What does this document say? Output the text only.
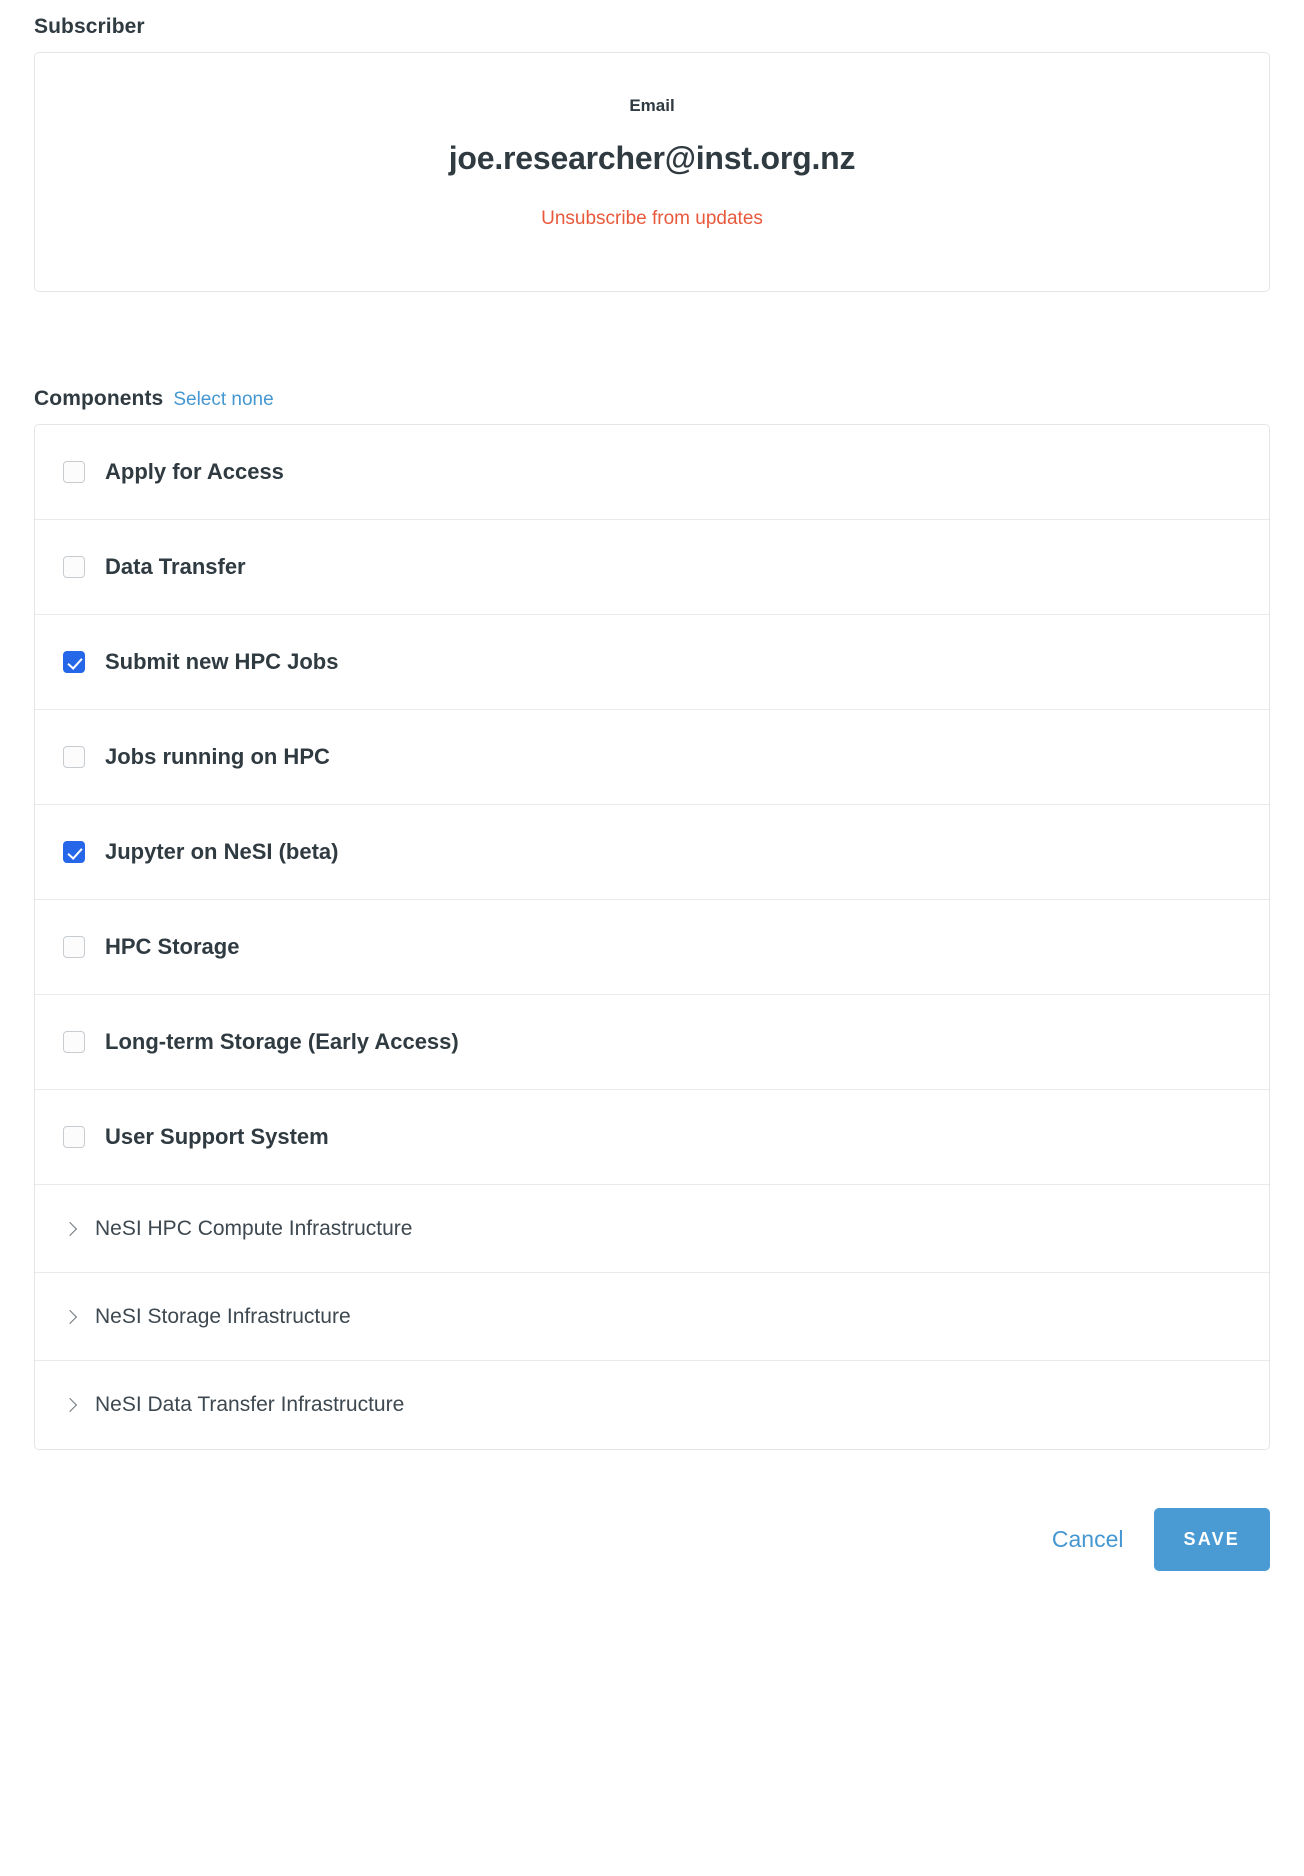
Subscriber
Email
joe.researcher@inst.org.nz
Unsubscribe from updates
Components Select none
Apply for Access
Data Transfer
Submit new HPC Jobs
Jobs running on HPC
Jupyter on NeSI (beta)
HPC Storage
Long-term Storage (Early Access)
User Support System
NeSI HPC Compute Infrastructure
NeSI Storage Infrastructure
NeSI Data Transfer Infrastructure
Cancel	SAVE
